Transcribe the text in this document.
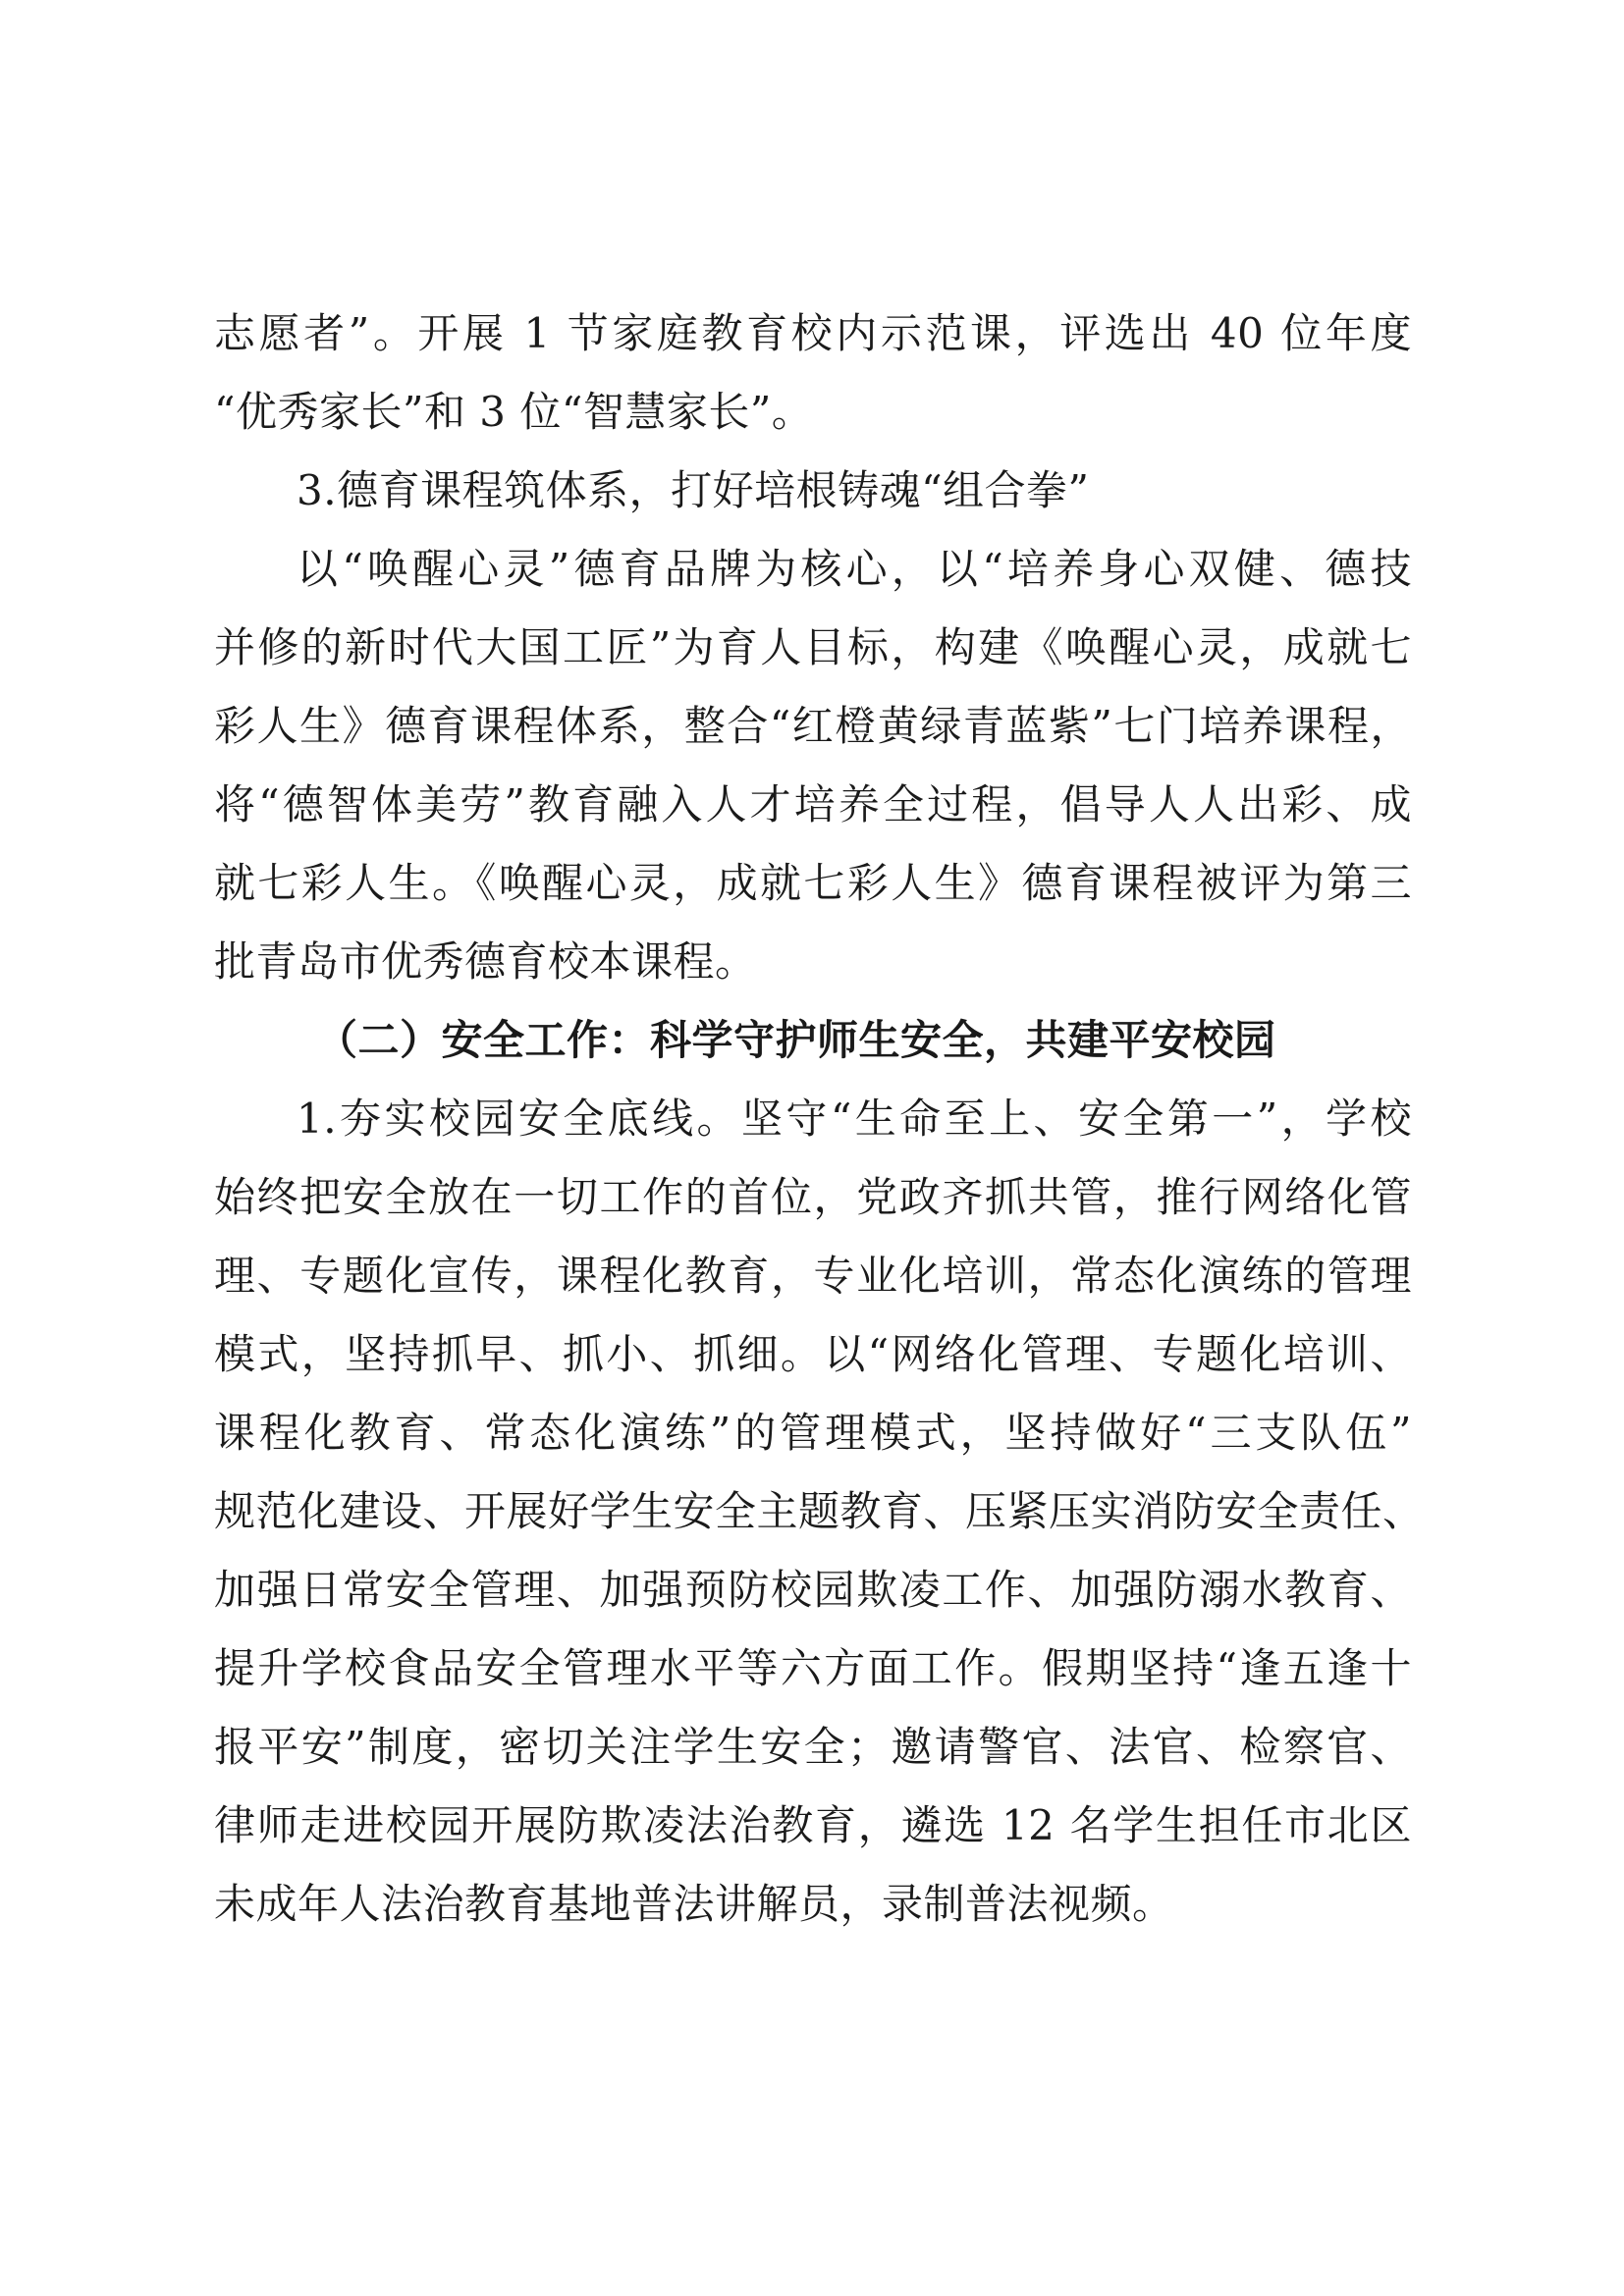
志愿者”。开展 1 节家庭教育校内示范课，评选出 40 位年度
“优秀家长”和 3 位“智慧家长”。
3.德育课程筑体系，打好培根铸魂“组合拳”
以“唤醒心灵”德育品牌为核心，以“培养身心双健、德技
并修的新时代大国工匠”为育人目标，构建《唤醒心灵，成就七
彩人生》德育课程体系，整合“红橙黄绿青蓝紫”七门培养课程，
将“德智体美劳”教育融入人才培养全过程，倡导人人出彩、成
就七彩人生。《唤醒心灵，成就七彩人生》德育课程被评为第三
批青岛市优秀德育校本课程。
（二）安全工作：科学守护师生安全，共建平安校园
1.夯实校园安全底线。坚守“生命至上、安全第一”，学校
始终把安全放在一切工作的首位，党政齐抓共管，推行网络化管
理、专题化宣传，课程化教育，专业化培训，常态化演练的管理
模式，坚持抓早、抓小、抓细。以“网络化管理、专题化培训、
课程化教育、常态化演练”的管理模式，坚持做好“三支队伍”
规范化建设、开展好学生安全主题教育、压紧压实消防安全责任、
加强日常安全管理、加强预防校园欺凌工作、加强防溺水教育、
提升学校食品安全管理水平等六方面工作。假期坚持“逢五逢十
报平安”制度，密切关注学生安全；邀请警官、法官、检察官、
律师走进校园开展防欺凌法治教育，遴选 12 名学生担任市北区
未成年人法治教育基地普法讲解员，录制普法视频。
